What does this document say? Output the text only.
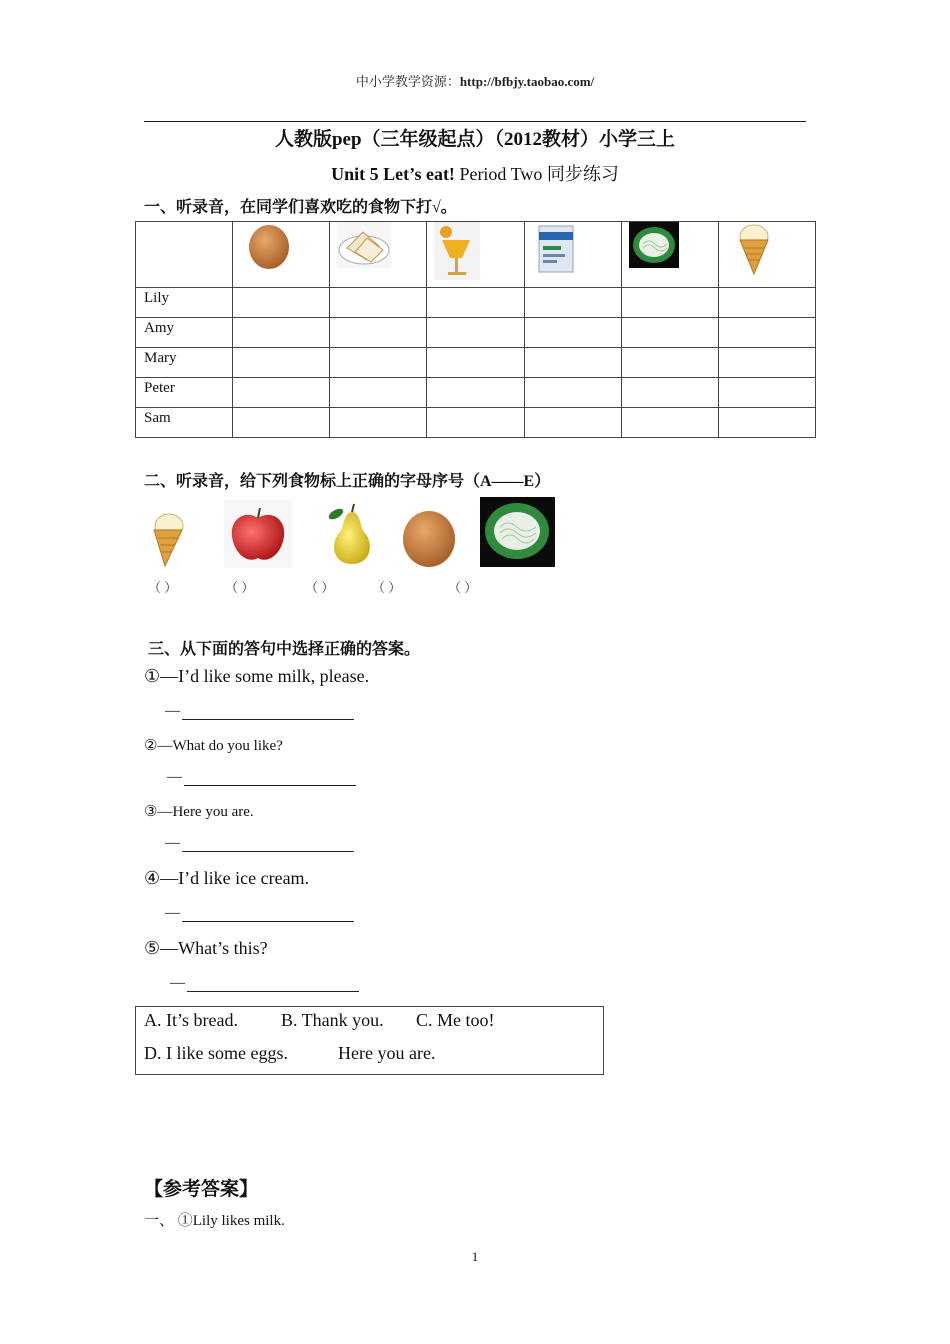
中小学教学资源：http://bfbjy.taobao.com/
人教版pep（三年级起点）（2012教材）小学三上
Unit 5 Let’s eat! Period Two 同步练习
一、听录音，在同学们喜欢吃的食物下打√。

Lily						
Amy						
Mary						
Peter						
Sam						
二、听录音，给下列食物标上正确的字母序号（A——E）
（ ）	（ ）	（ ）	（ ）	（ ）
三、从下面的答句中选择正确的答案。
①—I’d like some milk, please.
—
②—What do you like?
—
③—Here you are.
—
④—I’d like ice cream.
—
⑤—What’s this?
—
A. It’s bread. B. Thank you. C. Me too!
D. I like some eggs.	Here you are.
【参考答案】
一、 ①Lily likes milk.
1
